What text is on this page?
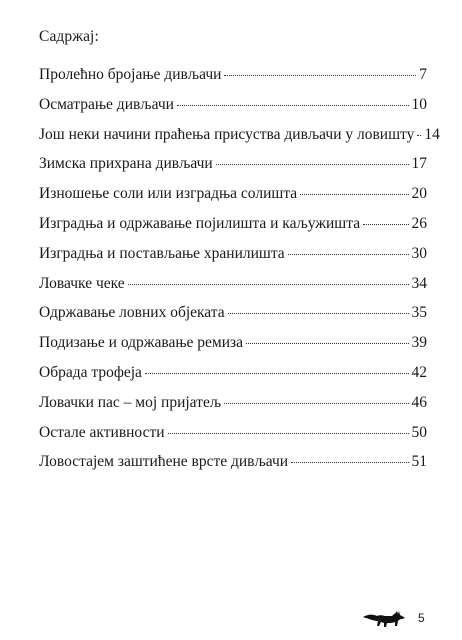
Садржај:
Пролећно бројање дивљачи	7
Осматрање дивљачи	10
Још неки начини праћења присуства дивљачи у ловишту 14
Зимска прихрана дивљачи	17
Изношење соли или изградња солишта	20
Изградња и одржавање појилишта и каљужишта	26
Изградња и постављање хранилишта	30
Ловачке чеке	34
Одржавање ловних објеката	35
Подизање и одржавање ремиза	39
Обрада трофеја	42
Ловачки пас – мој пријатељ	46
Остале активности	50
Ловостајем заштићене врсте дивљачи	51
5
